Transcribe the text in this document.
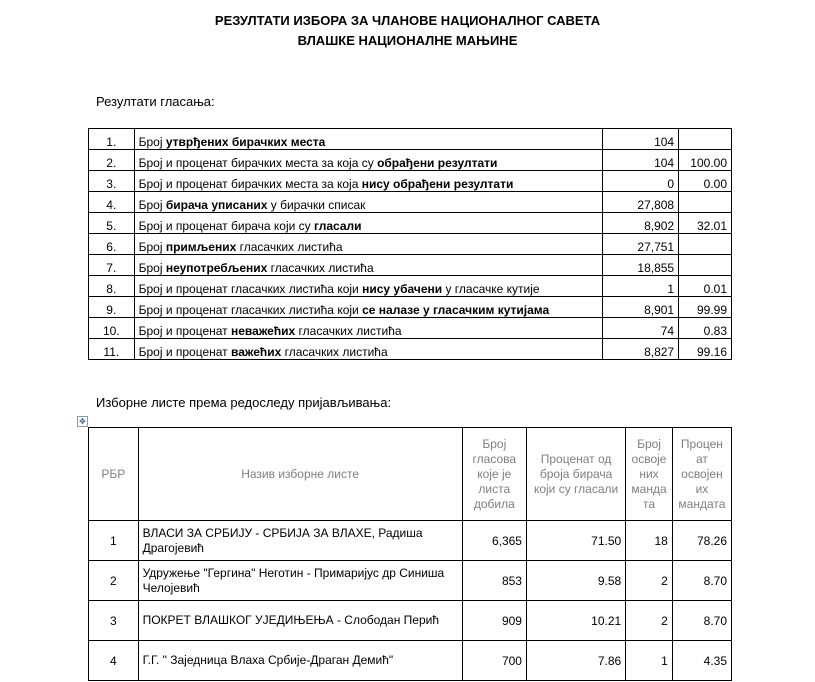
РЕЗУЛТАТИ ИЗБОРА ЗА ЧЛАНОВЕ НАЦИОНАЛНОГ САВЕТА
ВЛАШКЕ НАЦИОНАЛНЕ МАЊИНЕ
Резултати гласања:
1.	Број утврђених бирачких места	104	
2.	Број и проценат бирачких места за која су обрађени резултати	104	100.00
3.	Број и проценат бирачких места за која нису обрађени резултати	0	0.00
4.	Број бирача уписаних у бирачки списак	27,808	
5.	Број и проценат бирача који су гласали	8,902	32.01
6.	Број примљених гласачких листића	27,751	
7.	Број неупотребљених гласачких листића	18,855	
8.	Број и проценат гласачких листића који нису убачени у гласачке кутије	1	0.01
9.	Број и проценат гласачких листића који се налазе у гласачким кутијама	8,901	99.99
10.	Број и проценат неважећих гласачких листића	74	0.83
11.	Број и проценат важећих гласачких листића	8,827	99.16
Изборне листе према редоследу пријављивања:
✥
РБР	Назив изборне листе	Број гласова које је листа добила	Проценат од броја бирача који су гласали	Број освоје них манда та	Процен ат освојен их мандата
1	ВЛАСИ ЗА СРБИЈУ - СРБИЈА ЗА ВЛАХЕ, Радиша Драгојевић	6,365	71.50	18	78.26
2	Удружење "Гергина" Неготин - Примаријус др Синиша Челојевић	853	9.58	2	8.70
3	ПОКРЕТ ВЛАШКОГ УЈЕДИЊЕЊА - Слободан Перић	909	10.21	2	8.70
4	Г.Г. " Заједница Влаха Србије-Драган Демић"	700	7.86	1	4.35
